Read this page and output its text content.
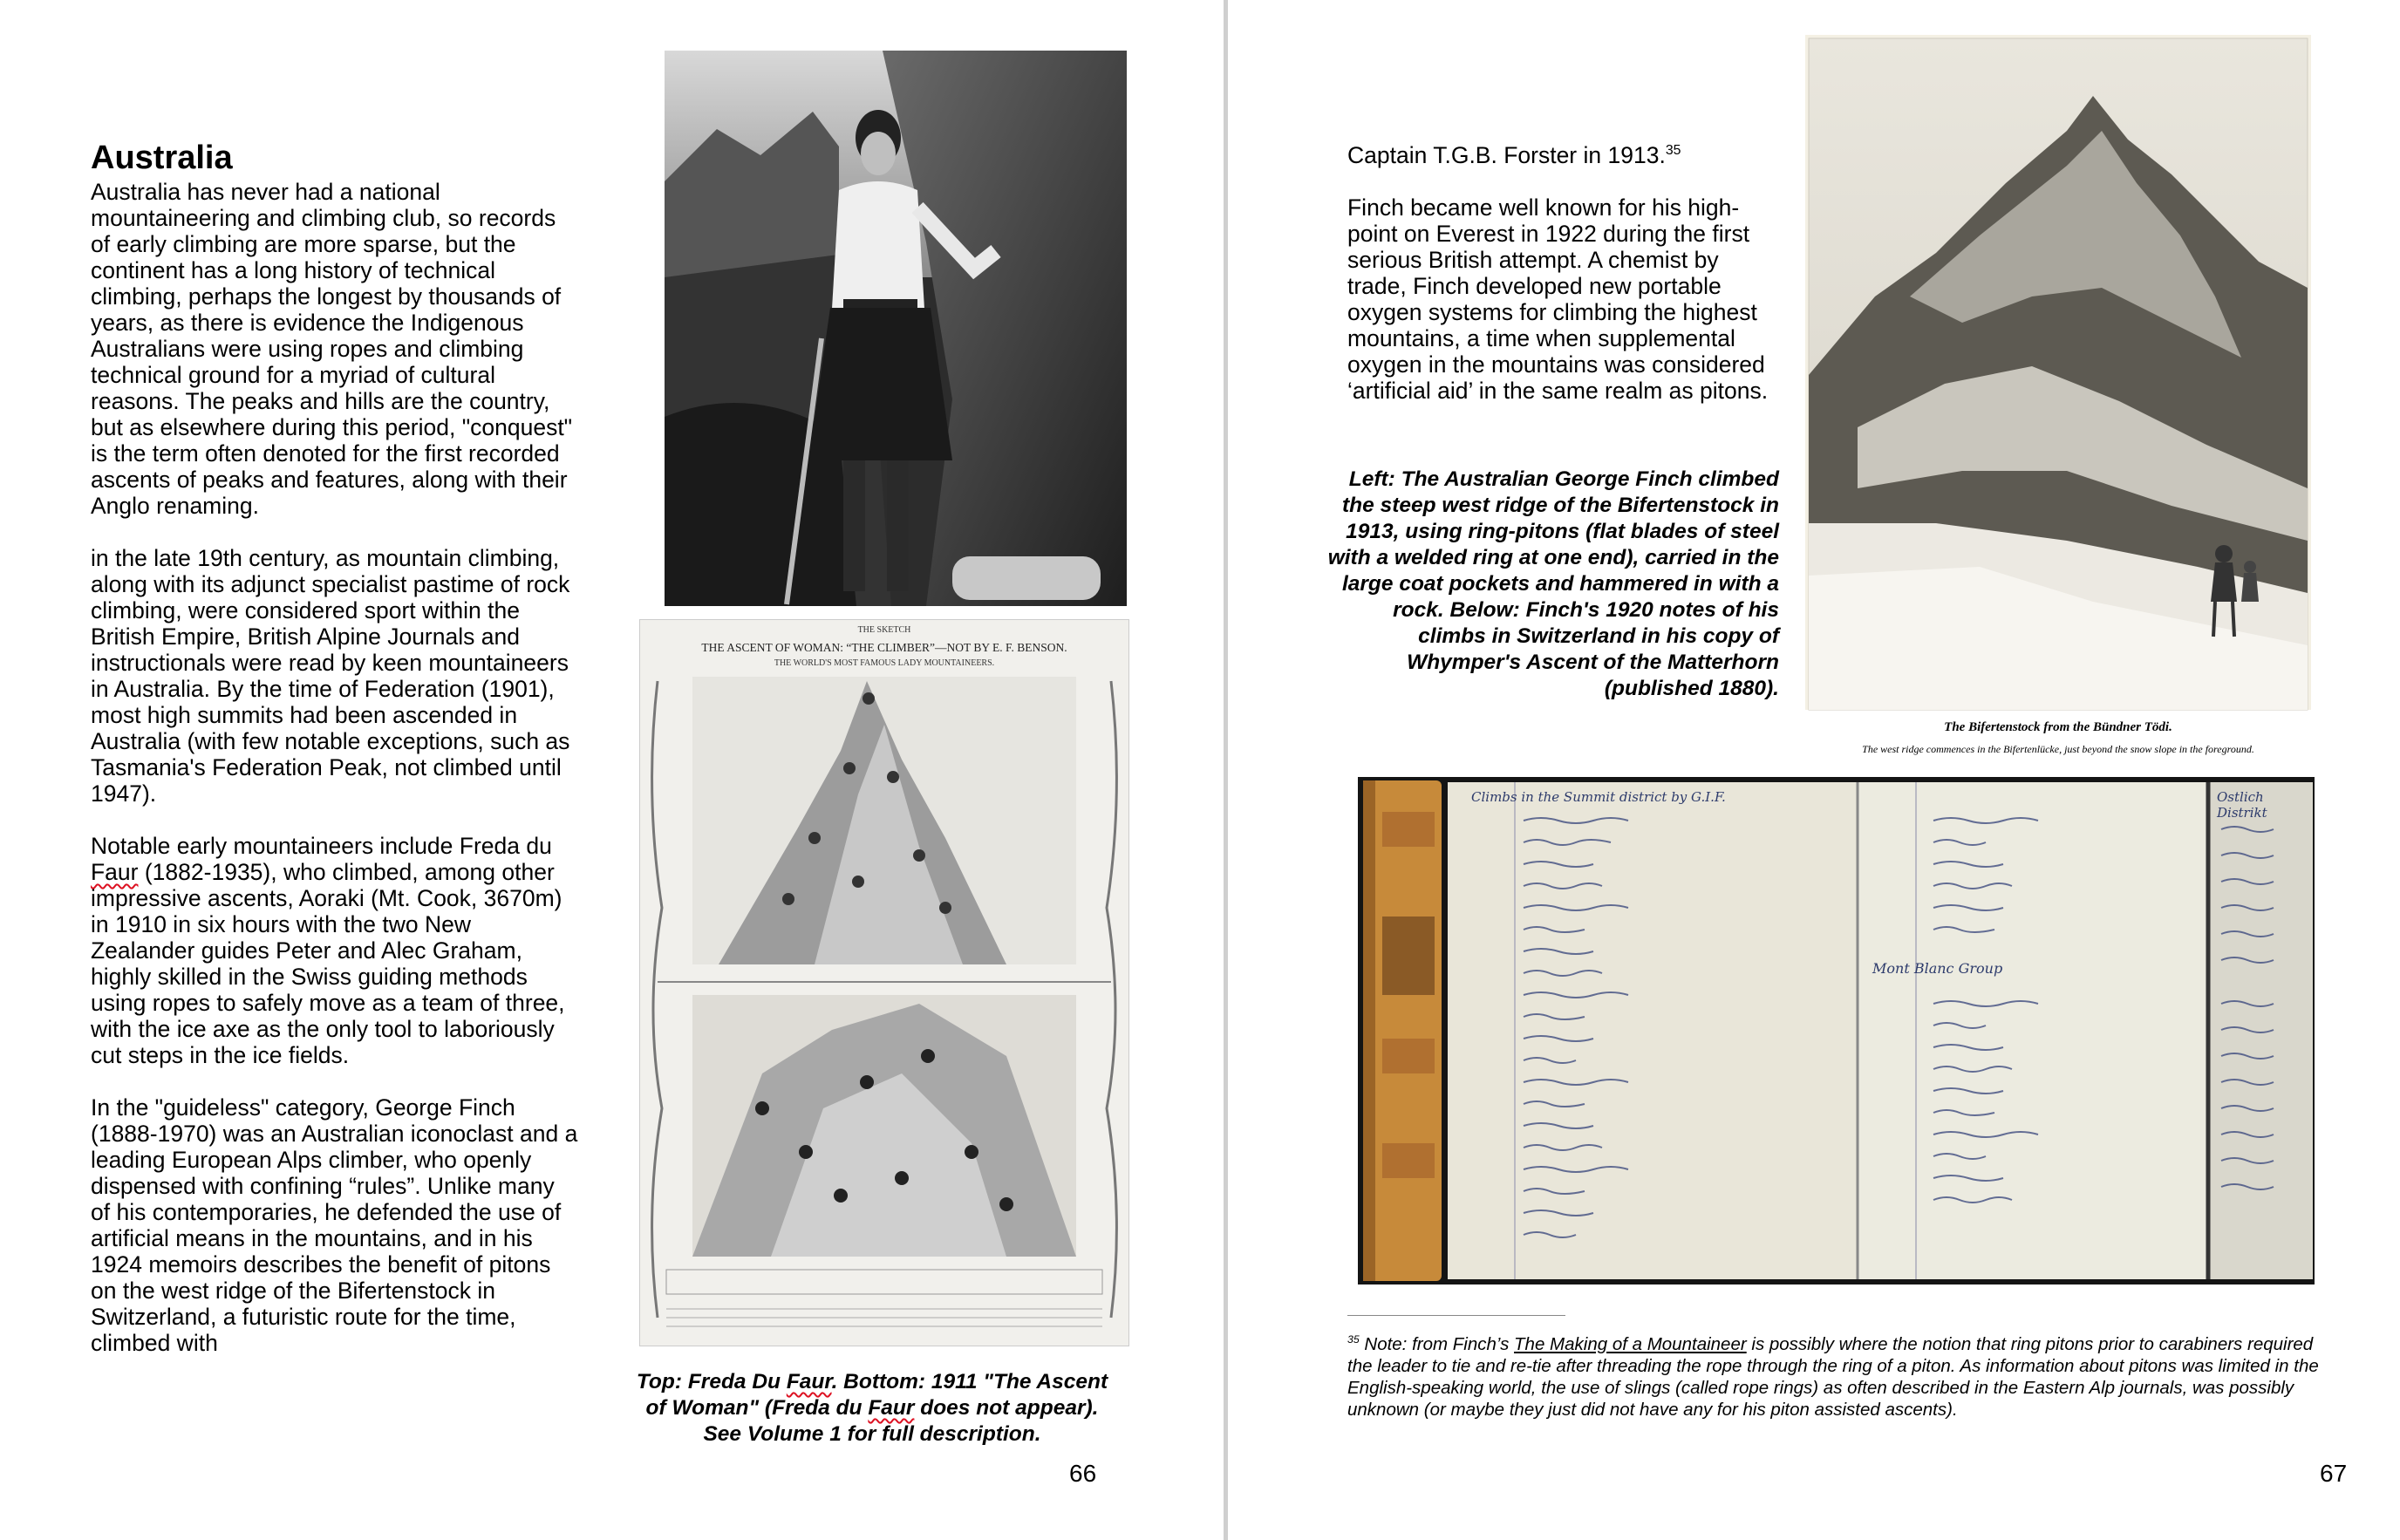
Australia

Australia has never had a national mountaineering and climbing club, so records of early climbing are more sparse, but the continent has a long history of technical climbing, perhaps the longest by thousands of years, as there is evidence the Indigenous Australians were using ropes and climbing technical ground for a myriad of cultural reasons. The peaks and hills are the country, but as elsewhere during this period, "conquest" is the term often denoted for the first recorded ascents of peaks and features, along with their Anglo renaming.

in the late 19th century, as mountain climbing, along with its adjunct specialist pastime of rock climbing, were considered sport within the British Empire, British Alpine Journals and instructionals were read by keen mountaineers in Australia. By the time of Federation (1901), most high summits had been ascended in Australia (with few notable exceptions, such as Tasmania's Federation Peak, not climbed until 1947).

Notable early mountaineers include Freda du Faur (1882-1935), who climbed, among other impressive ascents, Aoraki (Mt. Cook, 3670m) in 1910 in six hours with the two New Zealander guides Peter and Alec Graham, highly skilled in the Swiss guiding methods using ropes to safely move as a team of three, with the ice axe as the only tool to laboriously cut steps in the ice fields.

In the "guideless" category, George Finch (1888-1970) was an Australian iconoclast and a leading European Alps climber, who openly dispensed with confining “rules”. Unlike many of his contemporaries, he defended the use of artificial means in the mountains, and in his 1924 memoirs describes the benefit of pitons on the west ridge of the Bifertenstock in Switzerland, a futuristic route for the time, climbed with

THE SKETCH
THE ASCENT OF WOMAN: “THE CLIMBER”—NOT BY E. F. BENSON.
THE WORLD'S MOST FAMOUS LADY MOUNTAINEERS.
Top: Freda Du Faur. Bottom: 1911 "The Ascent of Woman" (Freda du Faur does not appear). See Volume 1 for full description.
66

Captain T.G.B. Forster in 1913.35

Finch became well known for his high-point on Everest in 1922 during the first serious British attempt. A chemist by trade, Finch developed new portable oxygen systems for climbing the highest mountains, a time when supplemental oxygen in the mountains was considered ‘artificial aid’ in the same realm as pitons.

Left: The Australian George Finch climbed the steep west ridge of the Bifertenstock in 1913, using ring-pitons (flat blades of steel with a welded ring at one end), carried in the large coat pockets and hammered in with a rock. Below: Finch's 1920 notes of his climbs in Switzerland in his copy of Whymper's Ascent of the Matterhorn (published 1880).
The Bifertenstock from the Bündner Tödi.
The west ridge commences in the Bifertenlücke, just beyond the snow slope in the foreground.
Climbs in the Summit district by G.I.F.
Mont Blanc Group
Ostlich Distrikt
$^{35}$ Note: from Finch’s The Making of a Mountaineer is possibly where the notion that ring pitons prior to carabiners required the leader to tie and re-tie after threading the rope through the ring of a piton. As information about pitons was limited in the English-speaking world, the use of slings (called rope rings) as often described in the Eastern Alp journals, was possibly unknown (or maybe they just did not have any for his piton assisted ascents).
67
